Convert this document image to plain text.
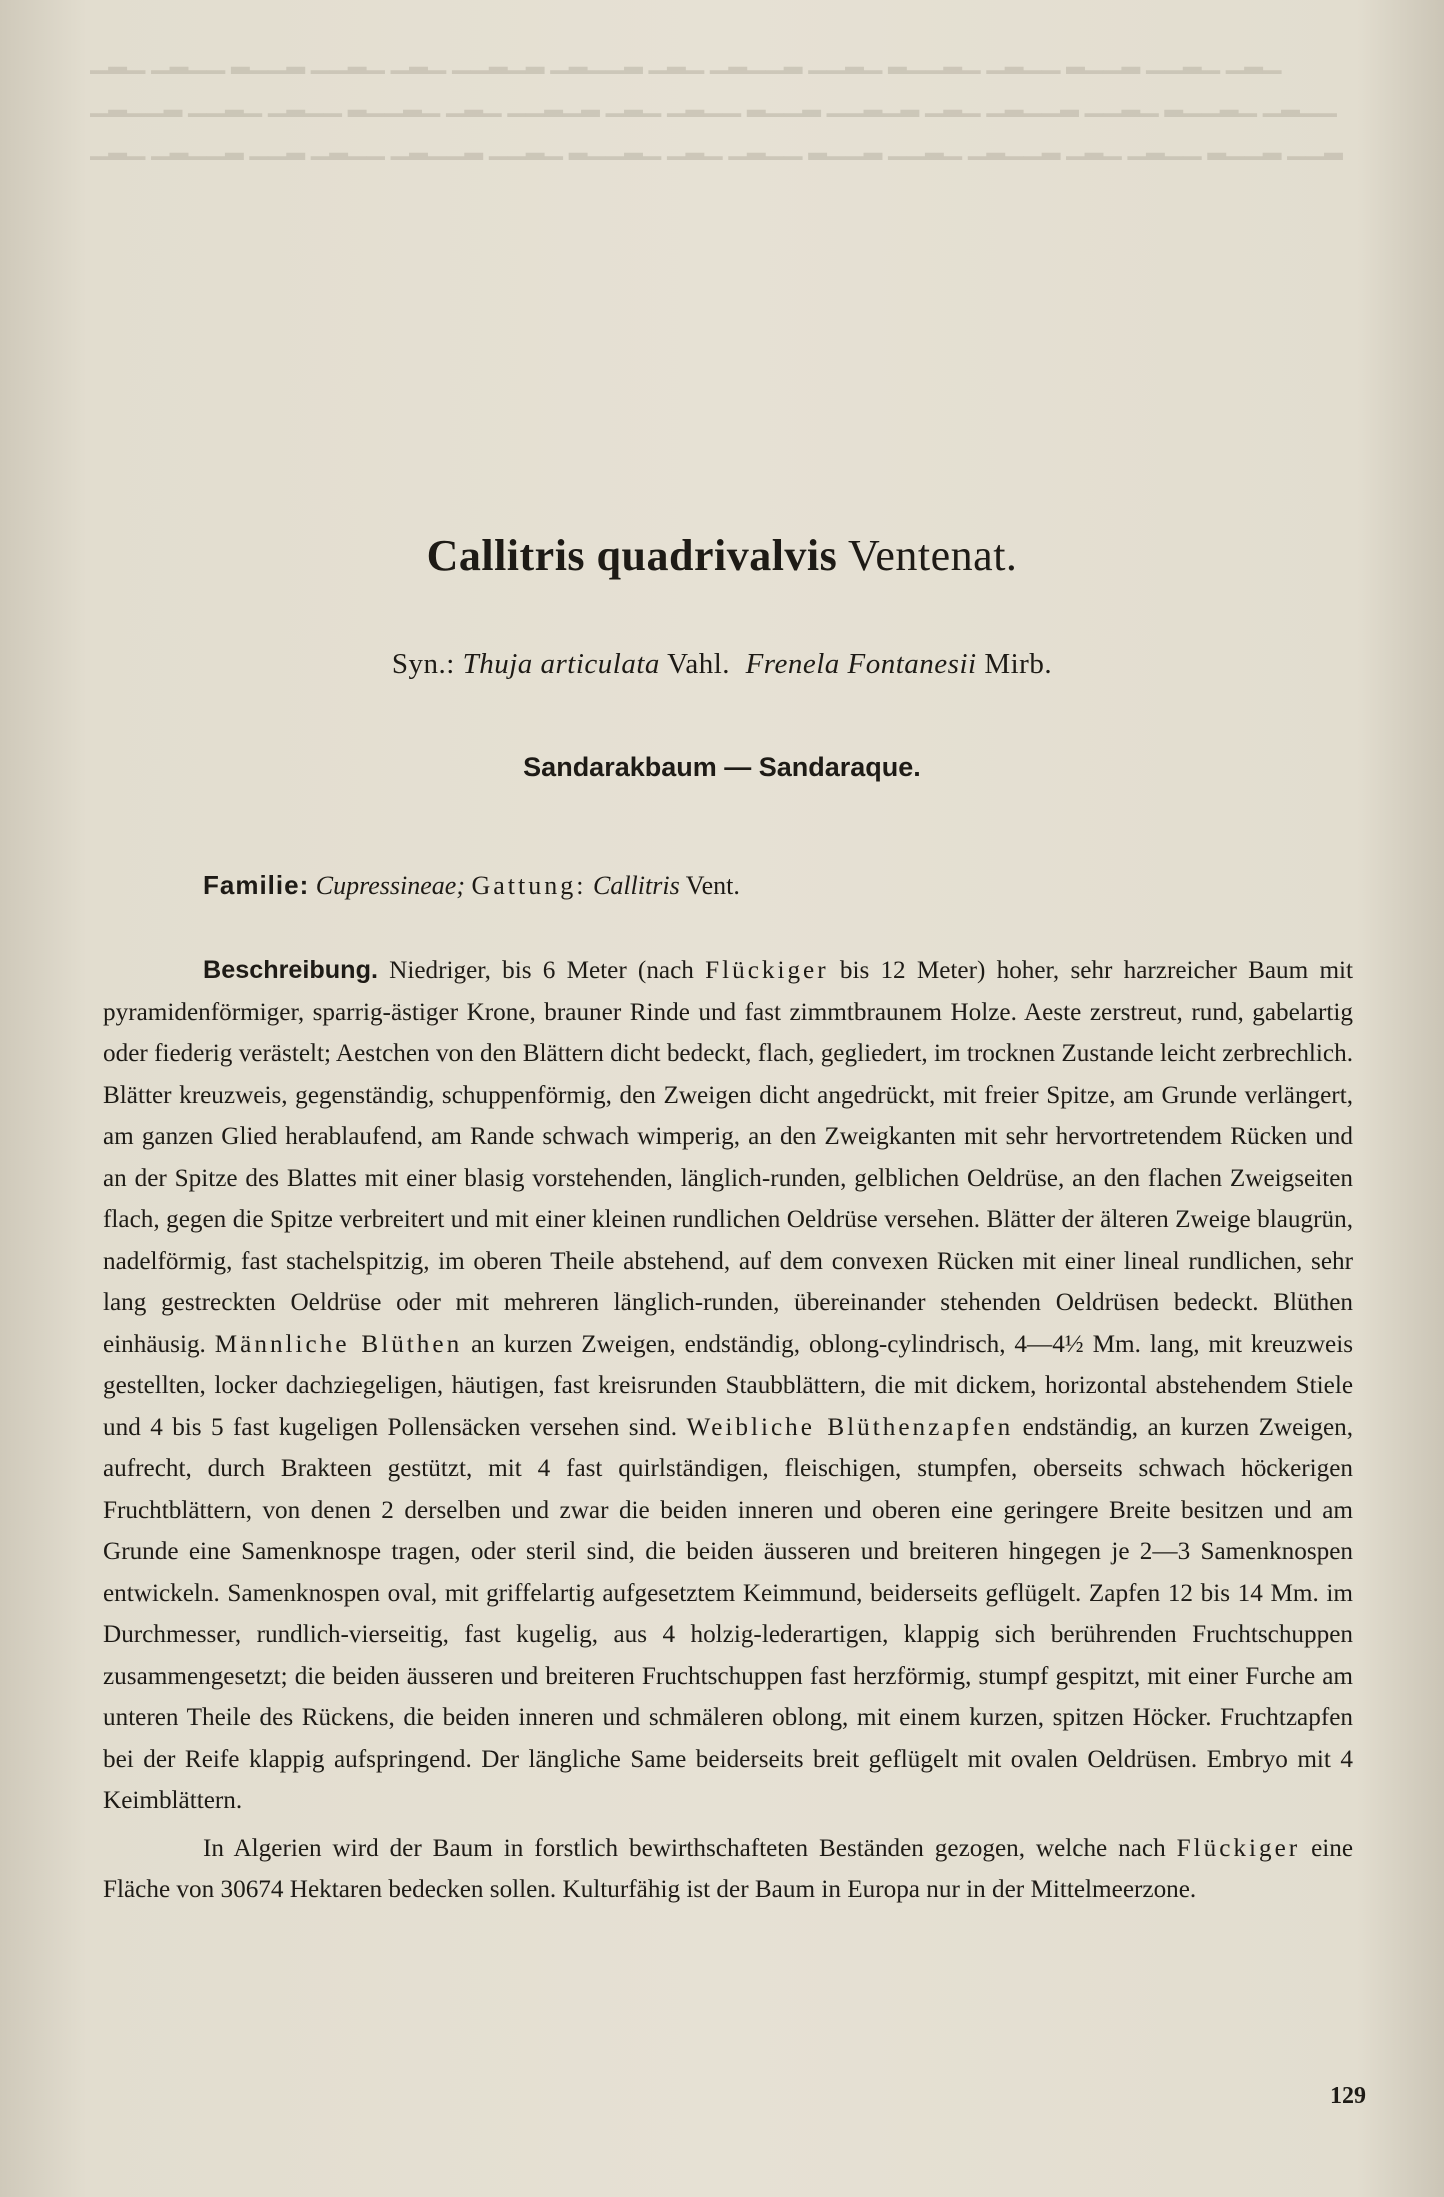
▁▂▁ ▁▂▁▁ ▂▁▁▂ ▁▁▂▁ ▁▂▁ ▁▁▂▁▂ ▁▂▁▁▂ ▁▂▁ ▁▂▁▁▂ ▁▁▂▁ ▂▁▁▂▁ ▁▂▁▁ ▂▁▁▂ ▁▁▂▁ ▁▂▁
▁▂▁▁▂ ▁▁▂▁ ▁▂▁▁ ▂▁▁▂▁ ▁▂▁ ▁▁▂▁▂ ▁▂▁ ▁▂▁▁ ▂▁▁▂ ▁▁▂▁▂ ▁▂▁ ▁▂▁▁▂ ▁▁▂▁ ▂▁▁▂▁ ▁▂▁▁
▁▂▁ ▁▂▁▁▂ ▁▁▂ ▁▂▁▁ ▁▂▁▁▂ ▁▁▂▁ ▂▁▁▂▁ ▁▂▁ ▁▂▁▁ ▂▁▁▂ ▁▁▂▁ ▁▂▁▁▂ ▁▂▁ ▁▂▁▁ ▂▁▁▂ ▁▁▂
Callitris quadrivalvis Ventenat.
Syn.: Thuja articulata Vahl. Frenela Fontanesii Mirb.
Sandarakbaum — Sandaraque.
Familie: Cupressineae; Gattung: Callitris Vent.

Beschreibung. Niedriger, bis 6 Meter (nach Flückiger bis 12 Meter) hoher, sehr harzreicher Baum mit pyramidenförmiger, sparrig-ästiger Krone, brauner Rinde und fast zimmtbraunem Holze. Aeste zerstreut, rund, gabelartig oder fiederig verästelt; Aestchen von den Blättern dicht bedeckt, flach, gegliedert, im trocknen Zustande leicht zerbrechlich. Blätter kreuzweis, gegenständig, schuppenförmig, den Zweigen dicht angedrückt, mit freier Spitze, am Grunde verlängert, am ganzen Glied herablaufend, am Rande schwach wimperig, an den Zweigkanten mit sehr hervortretendem Rücken und an der Spitze des Blattes mit einer blasig vorstehenden, länglich-runden, gelblichen Oeldrüse, an den flachen Zweigseiten flach, gegen die Spitze verbreitert und mit einer kleinen rundlichen Oeldrüse versehen. Blätter der älteren Zweige blaugrün, nadelförmig, fast stachelspitzig, im oberen Theile abstehend, auf dem convexen Rücken mit einer lineal rundlichen, sehr lang gestreckten Oeldrüse oder mit mehreren länglich-runden, übereinander stehenden Oeldrüsen bedeckt. Blüthen einhäusig. Männliche Blüthen an kurzen Zweigen, endständig, oblong-cylindrisch, 4—4½ Mm. lang, mit kreuzweis gestellten, locker dachziegeligen, häutigen, fast kreisrunden Staubblättern, die mit dickem, horizontal abstehendem Stiele und 4 bis 5 fast kugeligen Pollensäcken versehen sind. Weibliche Blüthenzapfen endständig, an kurzen Zweigen, aufrecht, durch Brakteen gestützt, mit 4 fast quirlständigen, fleischigen, stumpfen, oberseits schwach höckerigen Fruchtblättern, von denen 2 derselben und zwar die beiden inneren und oberen eine geringere Breite besitzen und am Grunde eine Samenknospe tragen, oder steril sind, die beiden äusseren und breiteren hingegen je 2—3 Samenknospen entwickeln. Samenknospen oval, mit griffelartig aufgesetztem Keimmund, beiderseits geflügelt. Zapfen 12 bis 14 Mm. im Durchmesser, rundlich-vierseitig, fast kugelig, aus 4 holzig-lederartigen, klappig sich berührenden Fruchtschuppen zusammengesetzt; die beiden äusseren und breiteren Fruchtschuppen fast herzförmig, stumpf gespitzt, mit einer Furche am unteren Theile des Rückens, die beiden inneren und schmäleren oblong, mit einem kurzen, spitzen Höcker. Fruchtzapfen bei der Reife klappig aufspringend. Der längliche Same beiderseits breit geflügelt mit ovalen Oeldrüsen. Embryo mit 4 Keimblättern.

In Algerien wird der Baum in forstlich bewirthschafteten Beständen gezogen, welche nach Flückiger eine Fläche von 30674 Hektaren bedecken sollen. Kulturfähig ist der Baum in Europa nur in der Mittelmeerzone.

129
